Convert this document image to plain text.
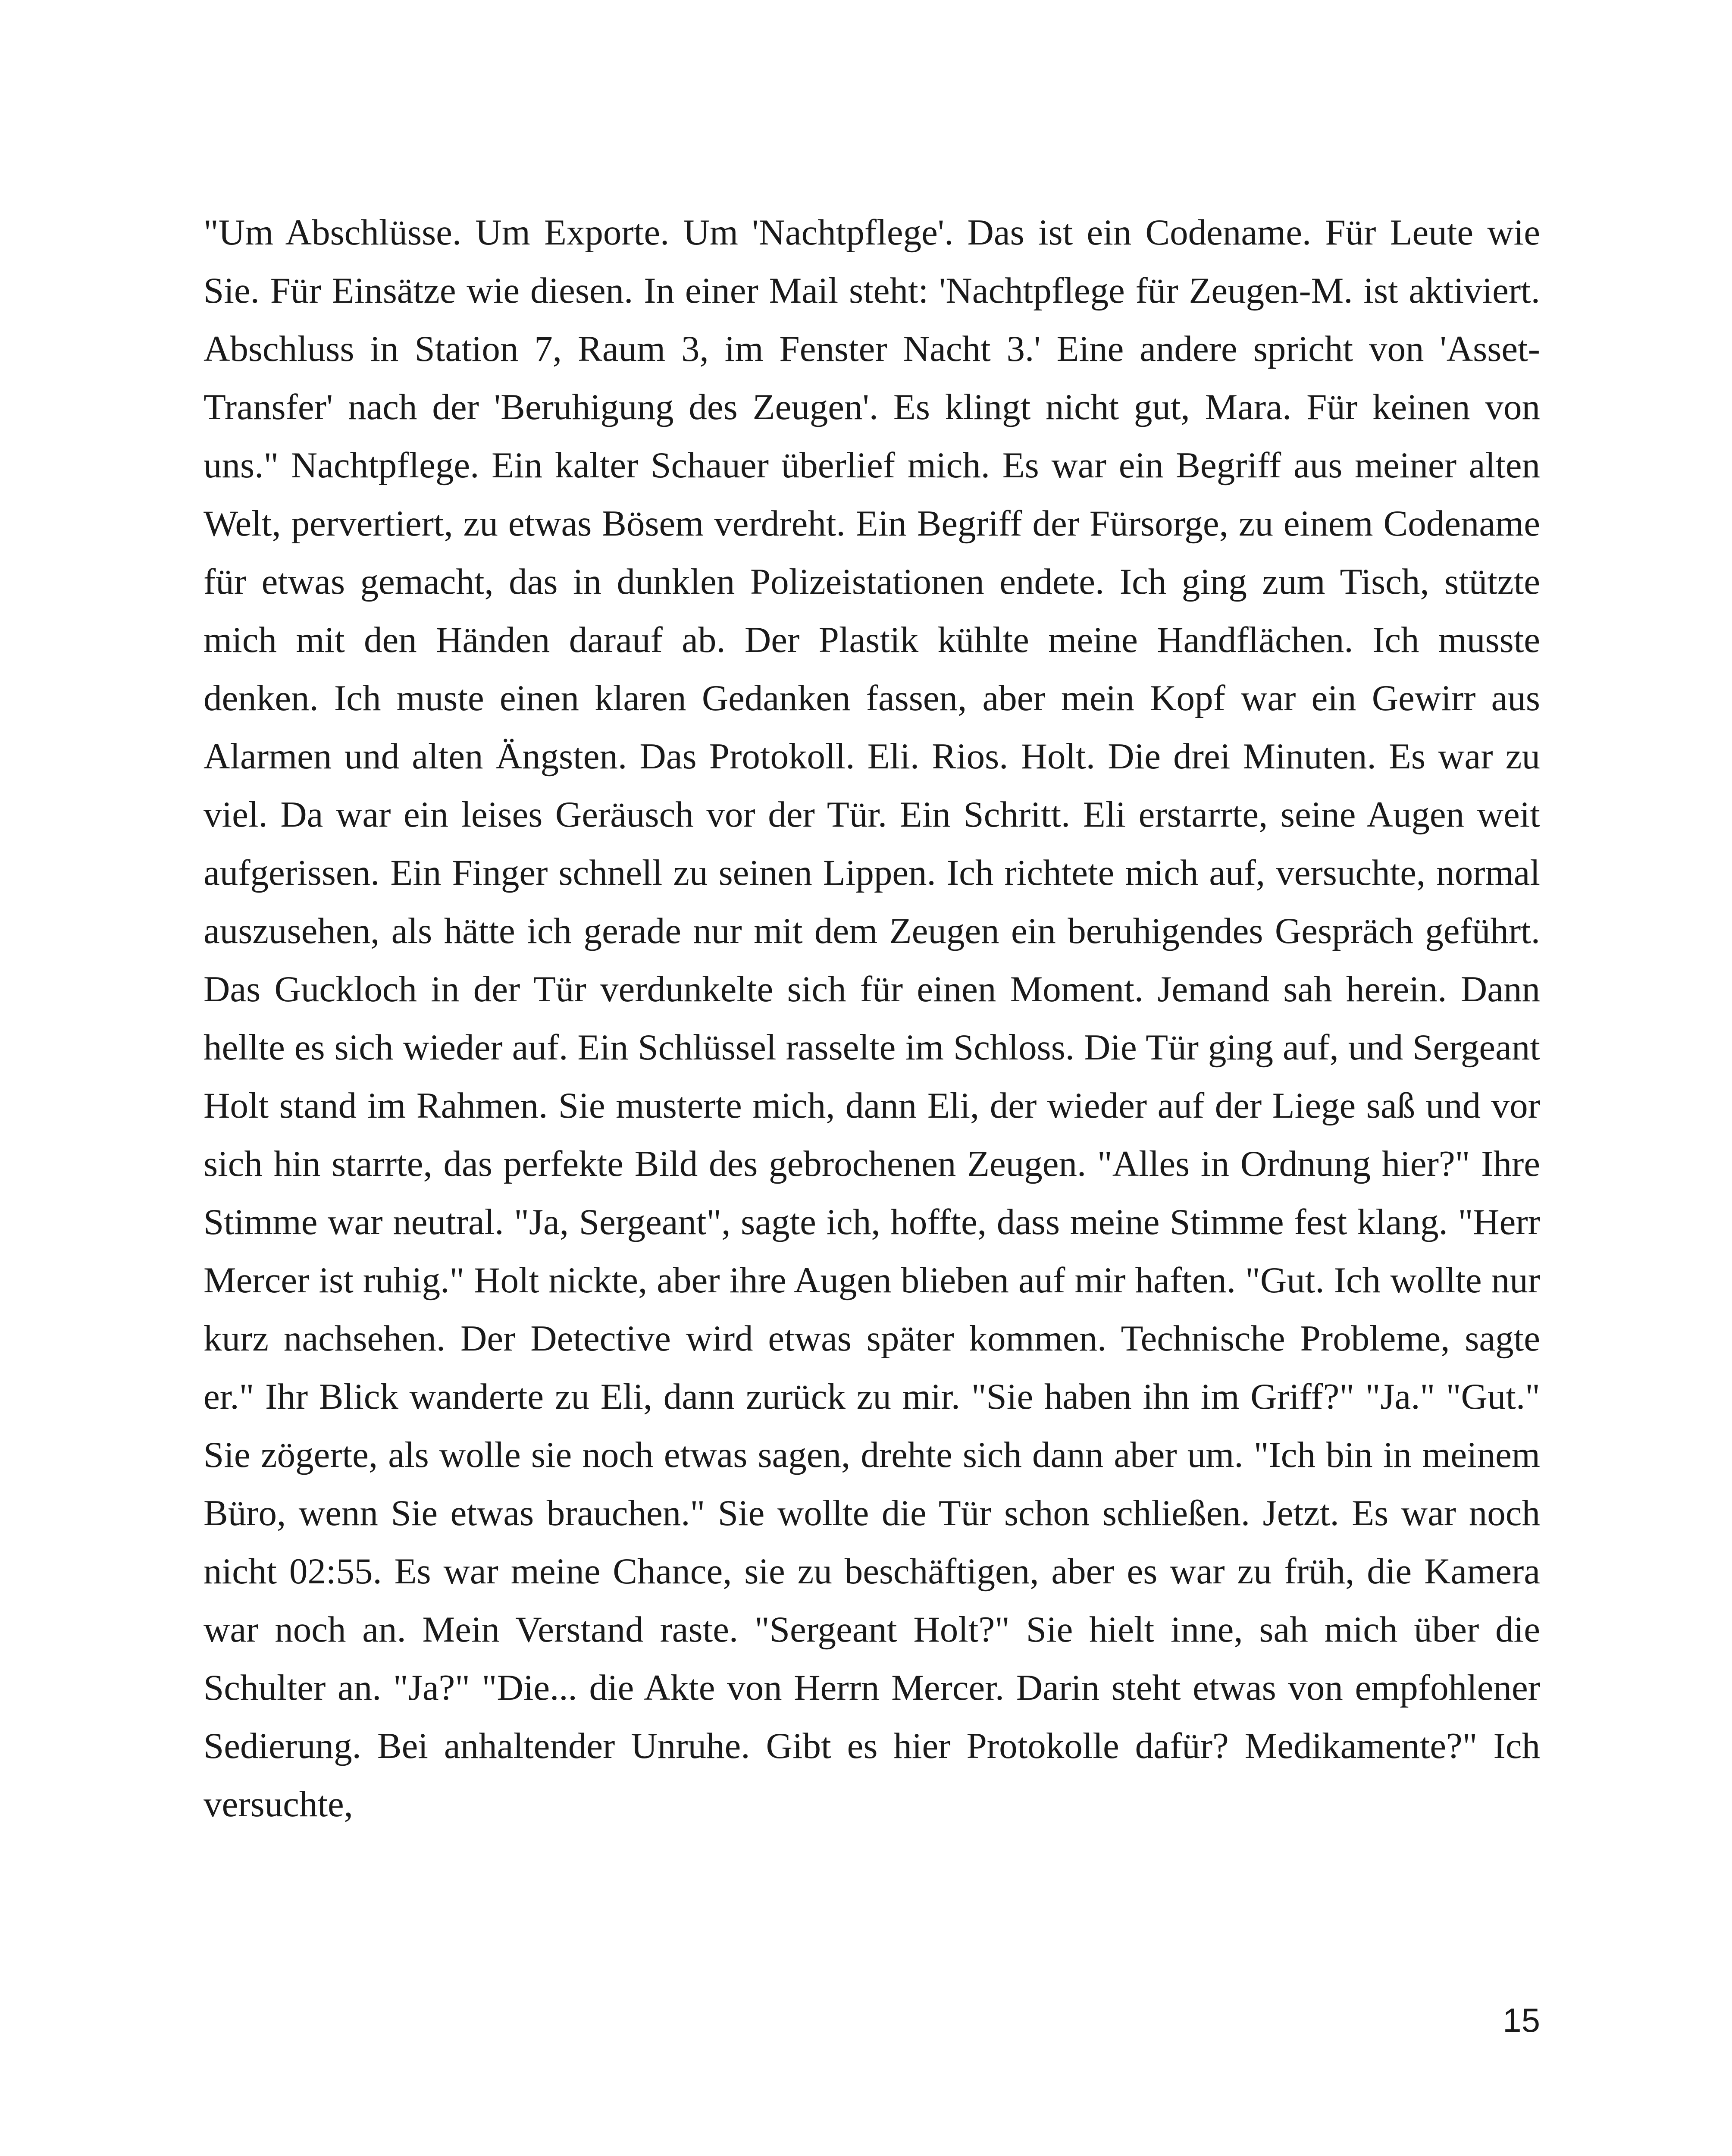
"Um Abschlüsse. Um Exporte. Um 'Nachtpflege'. Das ist ein Codename. Für Leute wie Sie. Für Einsätze wie diesen. In einer Mail steht: 'Nachtpflege für Zeugen-M. ist aktiviert. Abschluss in Station 7, Raum 3, im Fenster Nacht 3.' Eine andere spricht von 'Asset-Transfer' nach der 'Beruhigung des Zeugen'. Es klingt nicht gut, Mara. Für keinen von uns." Nachtpflege. Ein kalter Schauer überlief mich. Es war ein Begriff aus meiner alten Welt, pervertiert, zu etwas Bösem verdreht. Ein Begriff der Fürsorge, zu einem Codename für etwas gemacht, das in dunklen Polizeistationen endete. Ich ging zum Tisch, stützte mich mit den Händen darauf ab. Der Plastik kühlte meine Handflächen. Ich musste denken. Ich muste einen klaren Gedanken fassen, aber mein Kopf war ein Gewirr aus Alarmen und alten Ängsten. Das Protokoll. Eli. Rios. Holt. Die drei Minuten. Es war zu viel. Da war ein leises Geräusch vor der Tür. Ein Schritt. Eli erstarrte, seine Augen weit aufgerissen. Ein Finger schnell zu seinen Lippen. Ich richtete mich auf, versuchte, normal auszusehen, als hätte ich gerade nur mit dem Zeugen ein beruhigendes Gespräch geführt. Das Guckloch in der Tür verdunkelte sich für einen Moment. Jemand sah herein. Dann hellte es sich wieder auf. Ein Schlüssel rasselte im Schloss. Die Tür ging auf, und Sergeant Holt stand im Rahmen. Sie musterte mich, dann Eli, der wieder auf der Liege saß und vor sich hin starrte, das perfekte Bild des gebrochenen Zeugen. "Alles in Ordnung hier?" Ihre Stimme war neutral. "Ja, Sergeant", sagte ich, hoffte, dass meine Stimme fest klang. "Herr Mercer ist ruhig." Holt nickte, aber ihre Augen blieben auf mir haften. "Gut. Ich wollte nur kurz nachsehen. Der Detective wird etwas später kommen. Technische Probleme, sagte er." Ihr Blick wanderte zu Eli, dann zurück zu mir. "Sie haben ihn im Griff?" "Ja." "Gut." Sie zögerte, als wolle sie noch etwas sagen, drehte sich dann aber um. "Ich bin in meinem Büro, wenn Sie etwas brauchen." Sie wollte die Tür schon schließen. Jetzt. Es war noch nicht 02:55. Es war meine Chance, sie zu beschäftigen, aber es war zu früh, die Kamera war noch an. Mein Verstand raste. "Sergeant Holt?" Sie hielt inne, sah mich über die Schulter an. "Ja?" "Die... die Akte von Herrn Mercer. Darin steht etwas von empfohlener Sedierung. Bei anhaltender Unruhe. Gibt es hier Protokolle dafür? Medikamente?" Ich versuchte,

15
